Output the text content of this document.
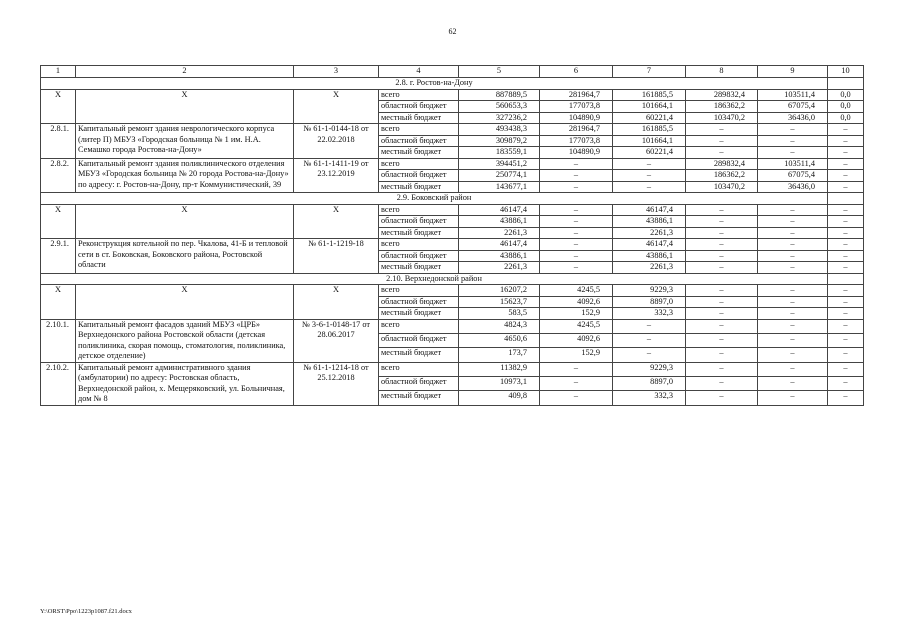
62
1	2	3	4	5	6	7	8	9	10
2.8. г. Ростов-на-Дону									
X	X	X	всего	887889,5	281964,7	161885,5	289832,4	103511,4	0,0
			областной бюджет	560653,3	177073,8	101664,1	186362,2	67075,4	0,0
			местный бюджет	327236,2	104890,9	60221,4	103470,2	36436,0	0,0
2.8.1.	Капитальный ремонт здания неврологического корпуса (литер П) МБУЗ «Городская больница № 1 им. Н.А. Семашко города Ростова-на-Дону»	№ 61-1-0144-18 от 22.02.2018	всего	493438,3	281964,7	161885,5	–	–	–
			областной бюджет	309879,2	177073,8	101664,1	–	–	–
			местный бюджет	183559,1	104890,9	60221,4	–	–	–
2.8.2.	Капитальный ремонт здания поликлинического отделения МБУЗ «Городская больница № 20 города Ростова-на-Дону» по адресу: г. Ростов-на-Дону, пр-т Коммунистический, 39	№ 61-1-1411-19 от 23.12.2019	всего	394451,2	–	–	289832,4	103511,4	–
			областной бюджет	250774,1	–	–	186362,2	67075,4	–
			местный бюджет	143677,1	–	–	103470,2	36436,0	–
2.9. Боковский район									
X	X	X	всего	46147,4	–	46147,4	–	–	–
			областной бюджет	43886,1	–	43886,1	–	–	–
			местный бюджет	2261,3	–	2261,3	–	–	–
2.9.1.	Реконструкция котельной по пер. Чкалова, 41-Б и тепловой сети в ст. Боковская, Боковского района, Ростовской области	№ 61-1-1219-18	всего	46147,4	–	46147,4	–	–	–
			областной бюджет	43886,1	–	43886,1	–	–	–
			местный бюджет	2261,3	–	2261,3	–	–	–
2.10. Верхнедонской район									
X	X	X	всего	16207,2	4245,5	9229,3	–	–	–
			областной бюджет	15623,7	4092,6	8897,0	–	–	–
			местный бюджет	583,5	152,9	332,3	–	–	–
2.10.1.	Капитальный ремонт фасадов зданий МБУЗ «ЦРБ» Верхнедонского района Ростовской области (детская поликлиника, скорая помощь, стоматология, поликлиника, детское отделение)	№ 3-6-1-0148-17 от 28.06.2017	всего	4824,3	4245,5	–	–	–	–
			областной бюджет	4650,6	4092,6	–	–	–	–
			местный бюджет	173,7	152,9	–	–	–	–
2.10.2.	Капитальный ремонт административного здания (амбулатории) по адресу: Ростовская область, Верхнедонской район, х. Мещеряковский, ул. Больничная, дом № 8	№ 61-1-1214-18 от 25.12.2018	всего	11382,9	–	9229,3	–	–	–
			областной бюджет	10973,1	–	8897,0	–	–	–
			местный бюджет	409,8	–	332,3	–	–	–
Y:\ORST\Ppo\1223p1087.f21.docx
